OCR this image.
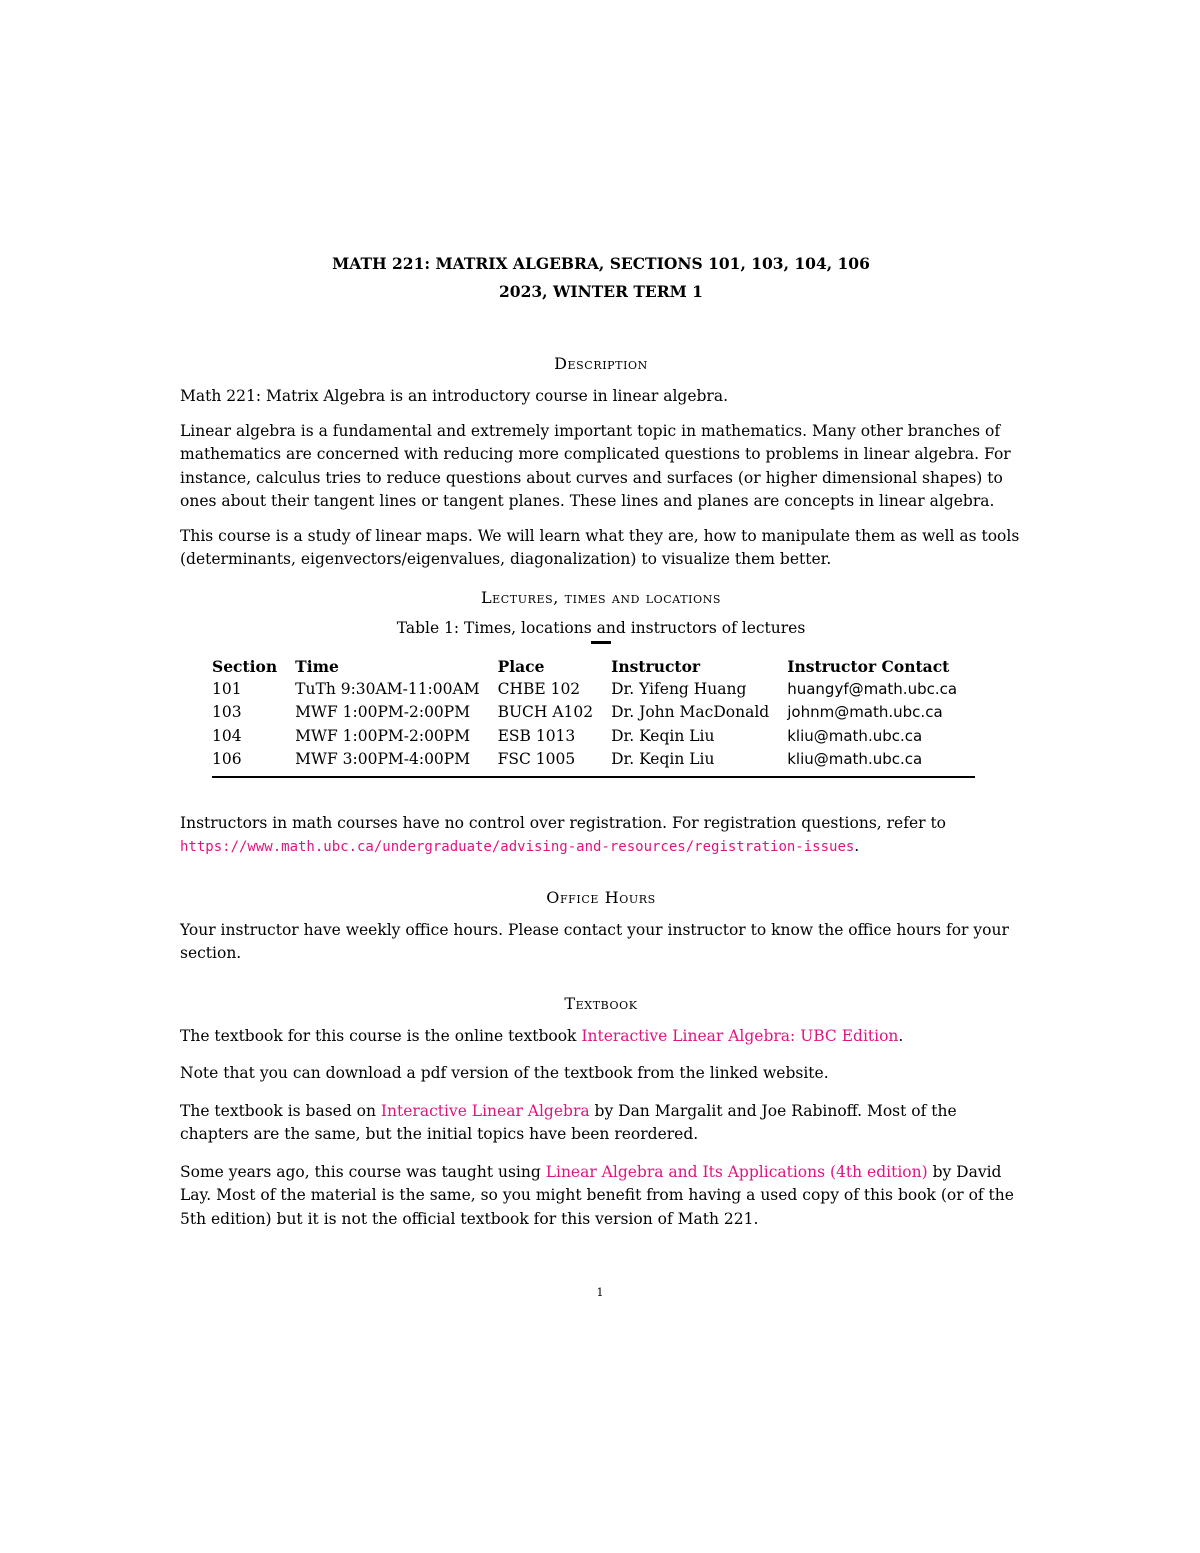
MATH 221: MATRIX ALGEBRA, SECTIONS 101, 103, 104, 106
2023, WINTER TERM 1
Description

Math 221: Matrix Algebra is an introductory course in linear algebra.

Linear algebra is a fundamental and extremely important topic in mathematics. Many other branches of mathematics are concerned with reducing more complicated questions to problems in linear algebra. For instance, calculus tries to reduce questions about curves and surfaces (or higher dimensional shapes) to ones about their tangent lines or tangent planes. These lines and planes are concepts in linear algebra.

This course is a study of linear maps. We will learn what they are, how to manipulate them as well as tools (determinants, eigenvectors/eigenvalues, diagonalization) to visualize them better.

Lectures, times and locations
Table 1: Times, locations and instructors of lectures
Section	Time	Place	Instructor	Instructor Contact
101	TuTh 9:30AM-11:00AM	CHBE 102	Dr. Yifeng Huang	huangyf@math.ubc.ca
103	MWF 1:00PM-2:00PM	BUCH A102	Dr. John MacDonald	johnm@math.ubc.ca
104	MWF 1:00PM-2:00PM	ESB 1013	Dr. Keqin Liu	kliu@math.ubc.ca
106	MWF 3:00PM-4:00PM	FSC 1005	Dr. Keqin Liu	kliu@math.ubc.ca

Instructors in math courses have no control over registration. For registration questions, refer to https://www.math.ubc.ca/undergraduate/advising-and-resources/registration-issues.

Office Hours

Your instructor have weekly office hours. Please contact your instructor to know the office hours for your section.

Textbook

The textbook for this course is the online textbook Interactive Linear Algebra: UBC Edition.

Note that you can download a pdf version of the textbook from the linked website.

The textbook is based on Interactive Linear Algebra by Dan Margalit and Joe Rabinoff. Most of the chapters are the same, but the initial topics have been reordered.

Some years ago, this course was taught using Linear Algebra and Its Applications (4th edition) by David Lay. Most of the material is the same, so you might benefit from having a used copy of this book (or of the 5th edition) but it is not the official textbook for this version of Math 221.

1
